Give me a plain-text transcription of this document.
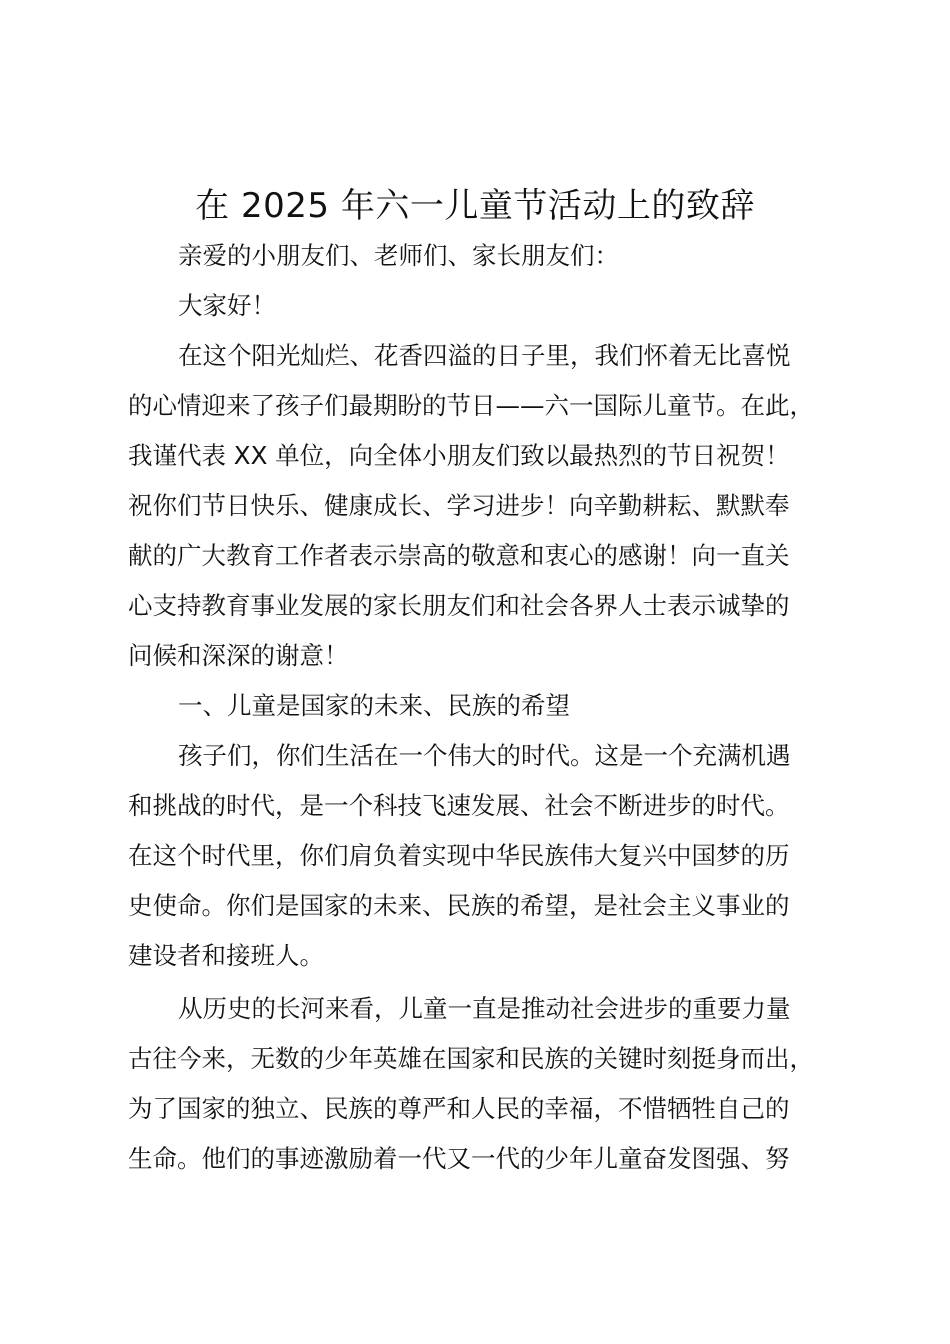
在 2025 年六一儿童节活动上的致辞
亲爱的小朋友们、老师们、家长朋友们：
大家好！
在这个阳光灿烂、花香四溢的日子里，我们怀着无比喜悦
的心情迎来了孩子们最期盼的节日——六一国际儿童节。在此，
我谨代表 XX 单位，向全体小朋友们致以最热烈的节日祝贺！
祝你们节日快乐、健康成长、学习进步！向辛勤耕耘、默默奉
献的广大教育工作者表示崇高的敬意和衷心的感谢！向一直关
心支持教育事业发展的家长朋友们和社会各界人士表示诚挚的
问候和深深的谢意！
一、儿童是国家的未来、民族的希望
孩子们，你们生活在一个伟大的时代。这是一个充满机遇
和挑战的时代，是一个科技飞速发展、社会不断进步的时代。
在这个时代里，你们肩负着实现中华民族伟大复兴中国梦的历
史使命。你们是国家的未来、民族的希望，是社会主义事业的
建设者和接班人。
从历史的长河来看，儿童一直是推动社会进步的重要力量
古往今来，无数的少年英雄在国家和民族的关键时刻挺身而出，
为了国家的独立、民族的尊严和人民的幸福，不惜牺牲自己的
生命。他们的事迹激励着一代又一代的少年儿童奋发图强、努
